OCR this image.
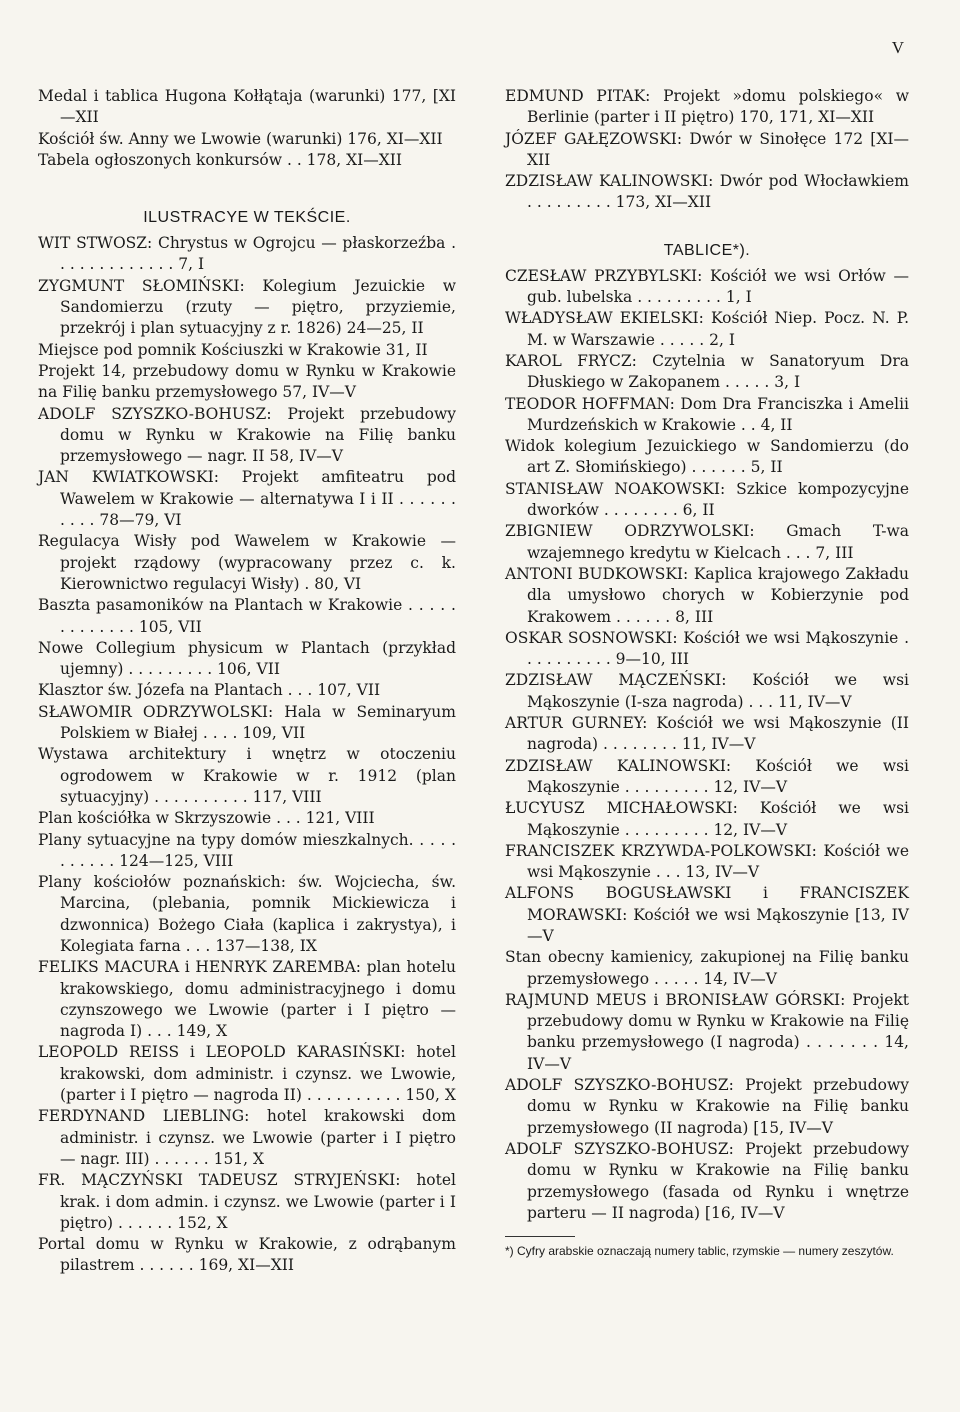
V

Medal i tablica Hugona Kołłątaja (warunki) 177, [XI—XII

Kościół św. Anny we Lwowie (warunki) 176, XI—XII

Tabela ogłoszonych konkursów . . 178, XI—XII

ILUSTRACYE W TEKŚCIE.

WIT STWOSZ: Chrystus w Ogrojcu — płaskorzeźba . . . . . . . . . . . . . 7, I

ZYGMUNT SŁOMIŃSKI: Kolegium Jezuickie w Sandomierzu (rzuty — piętro, przyziemie, przekrój i plan sytuacyjny z r. 1826) 24—25, II

Miejsce pod pomnik Kościuszki w Krakowie 31, II

Projekt 14, przebudowy domu w Rynku w Krakowie na Filię banku przemysłowego 57, IV—V

ADOLF SZYSZKO-BOHUSZ: Projekt przebudowy domu w Rynku w Krakowie na Filię banku przemysłowego — nagr. II 58, IV—V

JAN KWIATKOWSKI: Projekt amfiteatru pod Wawelem w Krakowie — alternatywa I i II . . . . . . . . . . 78—79, VI

Regulacya Wisły pod Wawelem w Krakowie — projekt rządowy (wypracowany przez c. k. Kierownictwo regulacyi Wisły) . 80, VI

Baszta pasamoników na Plantach w Krakowie . . . . . . . . . . . . . 105, VII

Nowe Collegium physicum w Plantach (przykład ujemny) . . . . . . . . . 106, VII

Klasztor św. Józefa na Plantach . . . 107, VII

SŁAWOMIR ODRZYWOLSKI: Hala w Seminaryum Polskiem w Białej . . . . 109, VII

Wystawa architektury i wnętrz w otoczeniu ogrodowem w Krakowie w r. 1912 (plan sytuacyjny) . . . . . . . . . . 117, VIII

Plan kościółka w Skrzyszowie . . . 121, VIII

Plany sytuacyjne na typy domów mieszkalnych. . . . . . . . . . . 124—125, VIII

Plany kościołów poznańskich: św. Wojciecha, św. Marcina, (plebania, pomnik Mickiewicza i dzwonnica) Bożego Ciała (kaplica i zakrystya), i Kolegiata farna . . . 137—138, IX

FELIKS MACURA i HENRYK ZAREMBA: plan hotelu krakowskiego, domu administracyjnego i domu czynszowego we Lwowie (parter i I piętro — nagroda I) . . . 149, X

LEOPOLD REISS i LEOPOLD KARASIŃSKI: hotel krakowski, dom administr. i czynsz. we Lwowie, (parter i I piętro — nagroda II) . . . . . . . . . . 150, X

FERDYNAND LIEBLING: hotel krakowski dom administr. i czynsz. we Lwowie (parter i I piętro — nagr. III) . . . . . . 151, X

FR. MĄCZYŃSKI TADEUSZ STRYJEŃSKI: hotel krak. i dom admin. i czynsz. we Lwowie (parter i I piętro) . . . . . . 152, X

Portal domu w Rynku w Krakowie, z odrąbanym pilastrem . . . . . . 169, XI—XII

EDMUND PITAK: Projekt »domu polskiego« w Berlinie (parter i II piętro) 170, 171, XI—XII

JÓZEF GAŁĘZOWSKI: Dwór w Sinołęce 172 [XI—XII

ZDZISŁAW KALINOWSKI: Dwór pod Włocławkiem . . . . . . . . . 173, XI—XII

TABLICE*).

CZESŁAW PRZYBYLSKI: Kościół we wsi Orłów — gub. lubelska . . . . . . . . . 1, I

WŁADYSŁAW EKIELSKI: Kościół Niep. Pocz. N. P. M. w Warszawie . . . . . 2, I

KAROL FRYCZ: Czytelnia w Sanatoryum Dra Dłuskiego w Zakopanem . . . . . 3, I

TEODOR HOFFMAN: Dom Dra Franciszka i Amelii Murdzeńskich w Krakowie . . 4, II

Widok kolegium Jezuickiego w Sandomierzu (do art Z. Słomińskiego) . . . . . . 5, II

STANISŁAW NOAKOWSKI: Szkice kompozycyjne dworków . . . . . . . . 6, II

ZBIGNIEW ODRZYWOLSKI: Gmach T-wa wzajemnego kredytu w Kielcach . . . 7, III

ANTONI BUDKOWSKI: Kaplica krajowego Zakładu dla umysłowo chorych w Kobierzynie pod Krakowem . . . . . . 8, III

OSKAR SOSNOWSKI: Kościół we wsi Mąkoszynie . . . . . . . . . . 9—10, III

ZDZISŁAW MĄCZEŃSKI: Kościół we wsi Mąkoszynie (I-sza nagroda) . . . 11, IV—V

ARTUR GURNEY: Kościół we wsi Mąkoszynie (II nagroda) . . . . . . . . 11, IV—V

ZDZISŁAW KALINOWSKI: Kościół we wsi Mąkoszynie . . . . . . . . . 12, IV—V

ŁUCYUSZ MICHAŁOWSKI: Kościół we wsi Mąkoszynie . . . . . . . . . 12, IV—V

FRANCISZEK KRZYWDA-POLKOWSKI: Kościół we wsi Mąkoszynie . . . 13, IV—V

ALFONS BOGUSŁAWSKI i FRANCISZEK MORAWSKI: Kościół we wsi Mąkoszynie [13, IV—V

Stan obecny kamienicy, zakupionej na Filię banku przemysłowego . . . . . 14, IV—V

RAJMUND MEUS i BRONISŁAW GÓRSKI: Projekt przebudowy domu w Rynku w Krakowie na Filię banku przemysłowego (I nagroda) . . . . . . . 14, IV—V

ADOLF SZYSZKO-BOHUSZ: Projekt przebudowy domu w Rynku w Krakowie na Filię banku przemysłowego (II nagroda) [15, IV—V

ADOLF SZYSZKO-BOHUSZ: Projekt przebudowy domu w Rynku w Krakowie na Filię banku przemysłowego (fasada od Rynku i wnętrze parteru — II nagroda) [16, IV—V

*) Cyfry arabskie oznaczają numery tablic, rzymskie — numery zeszytów.
